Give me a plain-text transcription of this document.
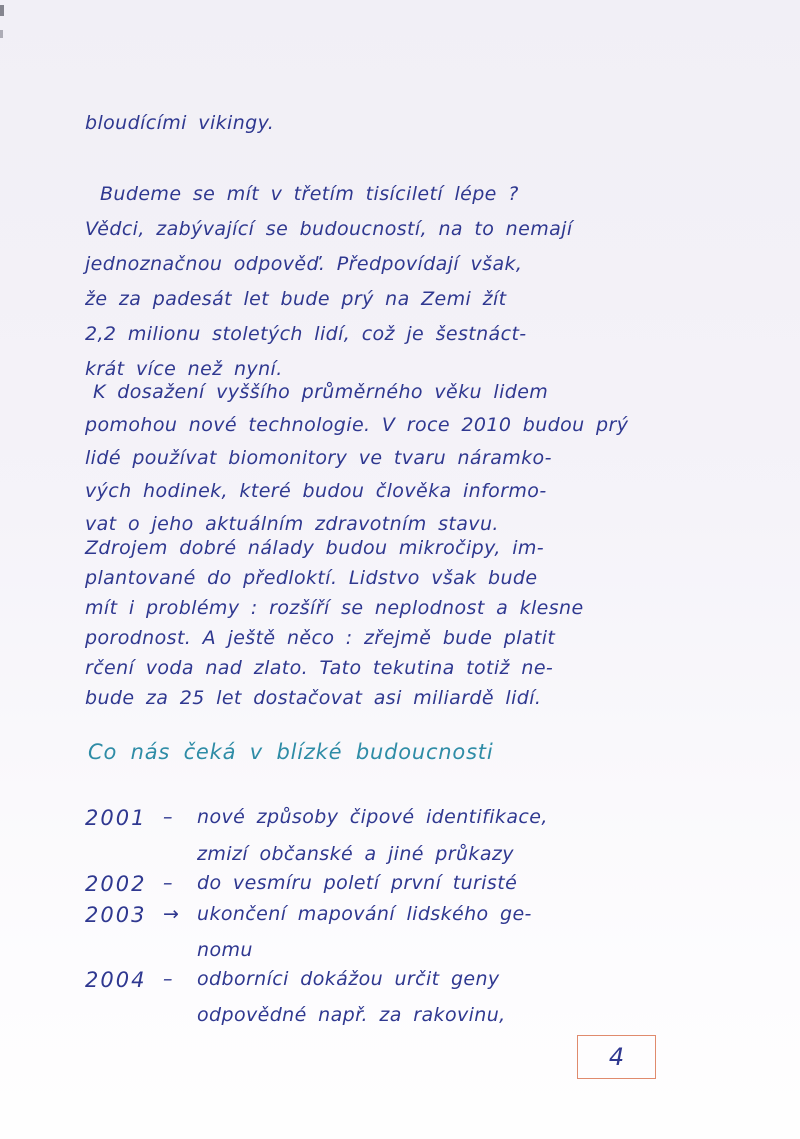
bloudícími vikingy.
Budeme se mít v třetím tisíciletí lépe ?
Vědci, zabývající se budoucností, na to nemají
jednoznačnou odpověď. Předpovídají však,
že za padesát let bude prý na Zemi žít
2,2 milionu stoletých lidí, což je šestnáct-
krát více než nyní.
K dosažení vyššího průměrného věku lidem
pomohou nové technologie. V roce 2010 budou prý
lidé používat biomonitory ve tvaru náramko-
vých hodinek, které budou člověka informo-
vat o jeho aktuálním zdravotním stavu.
Zdrojem dobré nálady budou mikročipy, im-
plantované do předloktí. Lidstvo však bude
mít i problémy : rozšíří se neplodnost a klesne
porodnost. A ještě něco : zřejmě bude platit
rčení voda nad zlato. Tato tekutina totiž ne-
bude za 25 let dostačovat asi miliardě lidí.
Co nás čeká v blízké budoucnosti
2001 –	nové způsoby čipové identifikace,
zmizí občanské a jiné průkazy
2002 –	do vesmíru poletí první turisté
2003 → ukončení mapování lidského ge-
nomu
2004 –	odborníci dokážou určit geny
odpovědné např. za rakovinu,
4
